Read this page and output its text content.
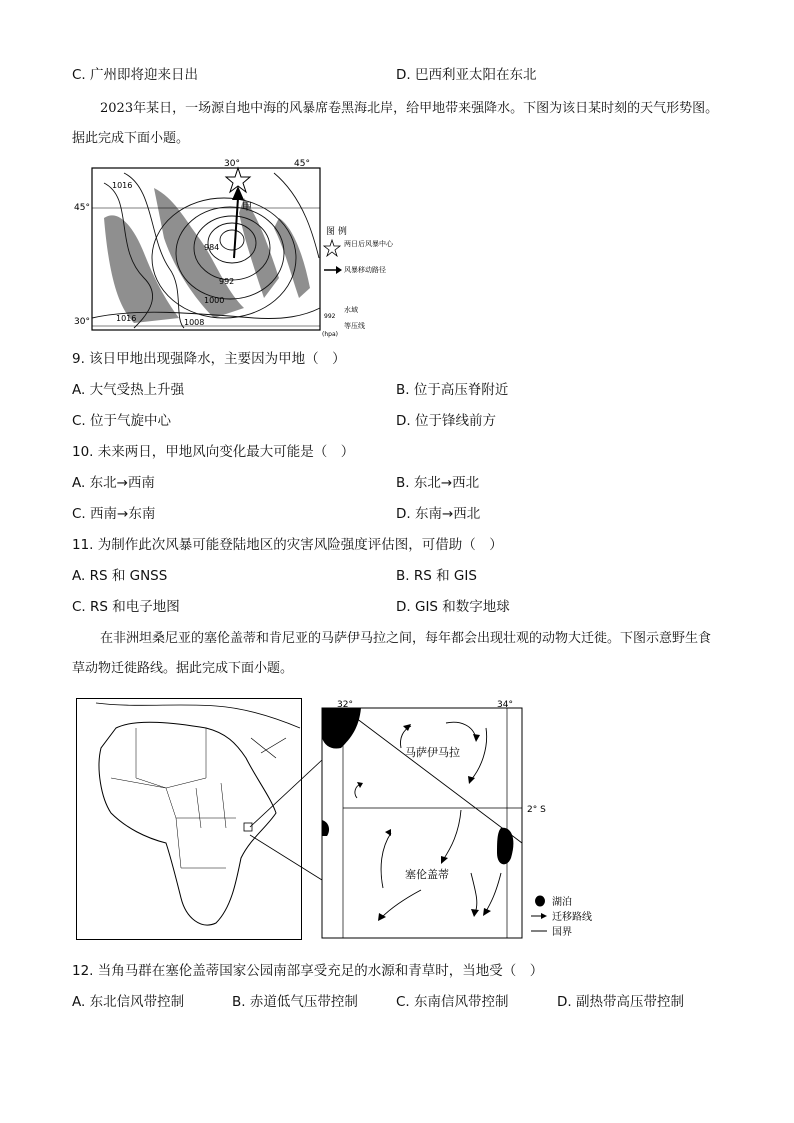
C. 广州即将迎来日出	D. 巴西利亚太阳在东北
2023年某日，一场源自地中海的风暴席卷黑海北岸，给甲地带来强降水。下图为该日某时刻的天气形势图。据此完成下面小题。
30°	45°
45°
30°
1016
1016	1008
1000
992
984
甲
图 例
两日后风暴中心
风暴移动路径
水域
992
等压线
(hpa)
9. 该日甲地出现强降水，主要因为甲地（　）
A. 大气受热上升强	B. 位于高压脊附近
C. 位于气旋中心	D. 位于锋线前方
10. 未来两日，甲地风向变化最大可能是（　）
A. 东北→西南	B. 东北→西北
C. 西南→东南	D. 东南→西北
11. 为制作此次风暴可能登陆地区的灾害风险强度评估图，可借助（　）
A. RS 和 GNSS	B. RS 和 GIS
C. RS 和电子地图	D. GIS 和数字地球
在非洲坦桑尼亚的塞伦盖蒂和肯尼亚的马萨伊马拉之间，每年都会出现壮观的动物大迁徙。下图示意野生食草动物迁徙路线。据此完成下面小题。
32°	34°
2° S
马萨伊马拉
塞伦盖蒂
湖泊
迁移路线
国界
12. 当角马群在塞伦盖蒂国家公园南部享受充足的水源和青草时，当地受（　）
A. 东北信风带控制	B. 赤道低气压带控制	C. 东南信风带控制	D. 副热带高压带控制
